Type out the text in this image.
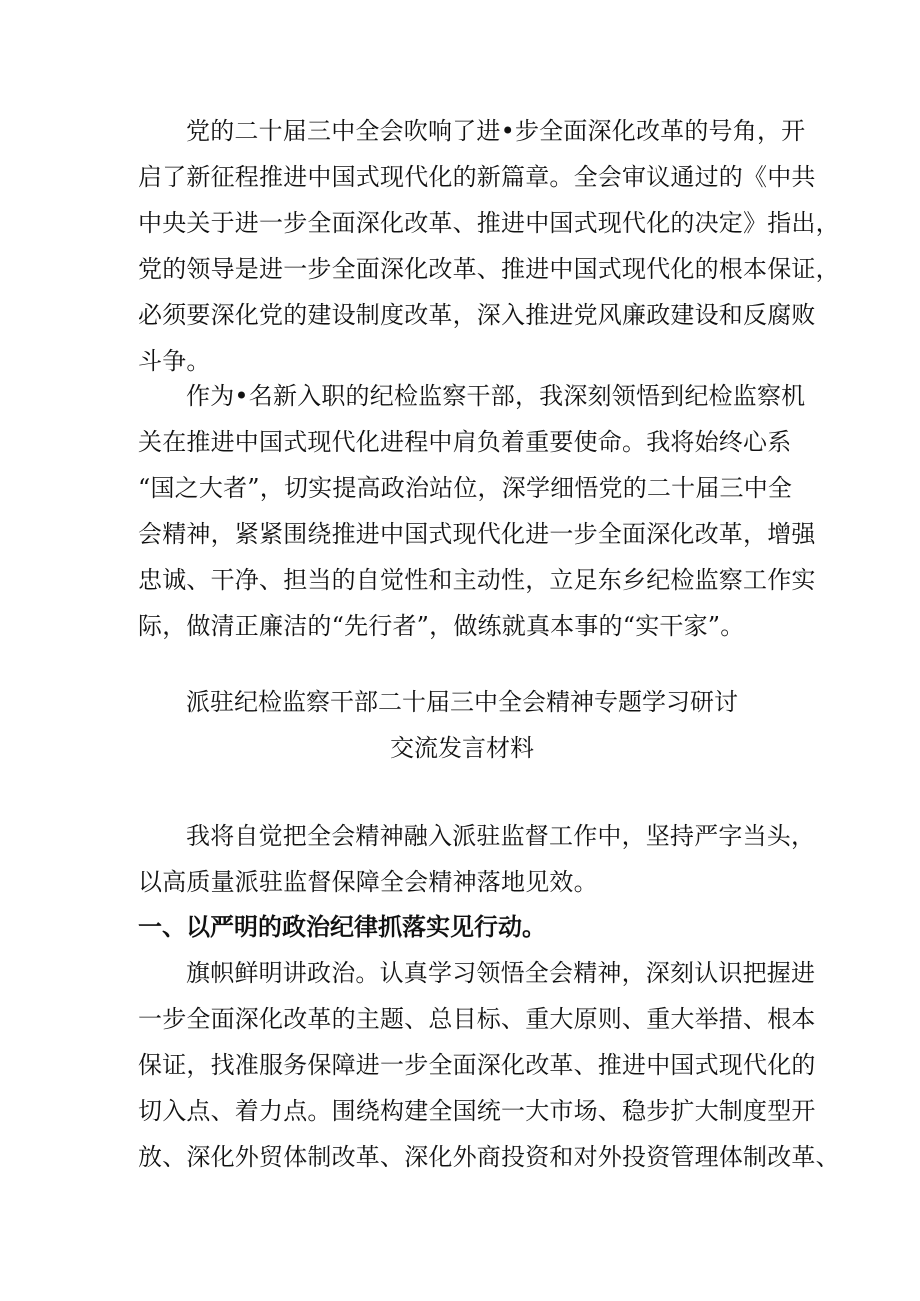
党的二十届三中全会吹响了进•步全面深化改革的号角，开
启了新征程推进中国式现代化的新篇章。全会审议通过的《中共
中央关于进一步全面深化改革、推进中国式现代化的决定》指出，
党的领导是进一步全面深化改革、推进中国式现代化的根本保证，
必须要深化党的建设制度改革，深入推进党风廉政建设和反腐败
斗争。
作为•名新入职的纪检监察干部，我深刻领悟到纪检监察机
关在推进中国式现代化进程中肩负着重要使命。我将始终心系
“国之大者”，切实提高政治站位，深学细悟党的二十届三中全
会精神，紧紧围绕推进中国式现代化进一步全面深化改革，增强
忠诚、干净、担当的自觉性和主动性，立足东乡纪检监察工作实
际，做清正廉洁的“先行者”，做练就真本事的“实干家”。
派驻纪检监察干部二十届三中全会精神专题学习研讨
交流发言材料
我将自觉把全会精神融入派驻监督工作中，坚持严字当头，
以高质量派驻监督保障全会精神落地见效。
一、以严明的政治纪律抓落实见行动。
旗帜鲜明讲政治。认真学习领悟全会精神，深刻认识把握进
一步全面深化改革的主题、总目标、重大原则、重大举措、根本
保证，找准服务保障进一步全面深化改革、推进中国式现代化的
切入点、着力点。围绕构建全国统一大市场、稳步扩大制度型开
放、深化外贸体制改革、深化外商投资和对外投资管理体制改革、
